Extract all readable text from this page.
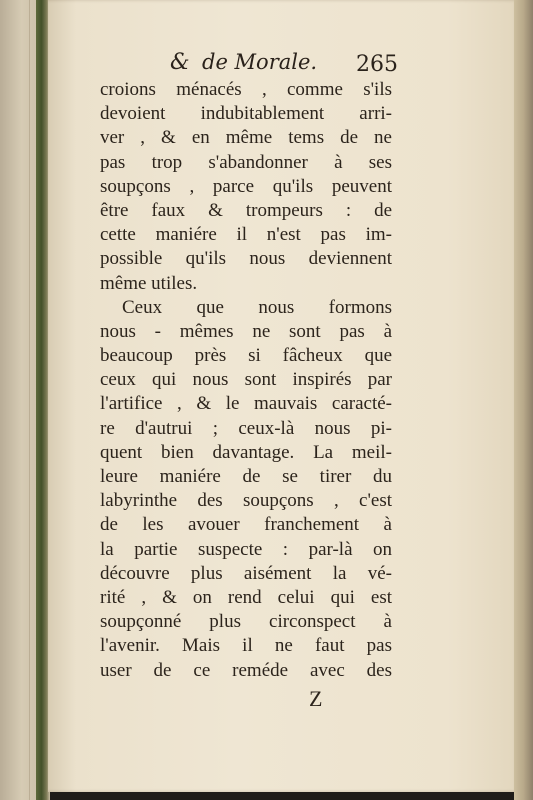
& de Morale. 265
croions ménacés , comme s'ils
devoient indubitablement arri-
ver , & en même tems de ne
pas trop s'abandonner à ses
soupçons , parce qu'ils peuvent
être faux & trompeurs : de
cette maniére il n'est pas im-
possible qu'ils nous deviennent
même utiles.
Ceux que nous formons
nous - mêmes ne sont pas à
beaucoup près si fâcheux que
ceux qui nous sont inspirés par
l'artifice , & le mauvais caracté-
re d'autrui ; ceux-là nous pi-
quent bien davantage. La meil-
leure maniére de se tirer du
labyrinthe des soupçons , c'est
de les avouer franchement à
la partie suspecte : par-là on
découvre plus aisément la vé-
rité , & on rend celui qui est
soupçonné plus circonspect à
l'avenir. Mais il ne faut pas
user de ce reméde avec des
Z
